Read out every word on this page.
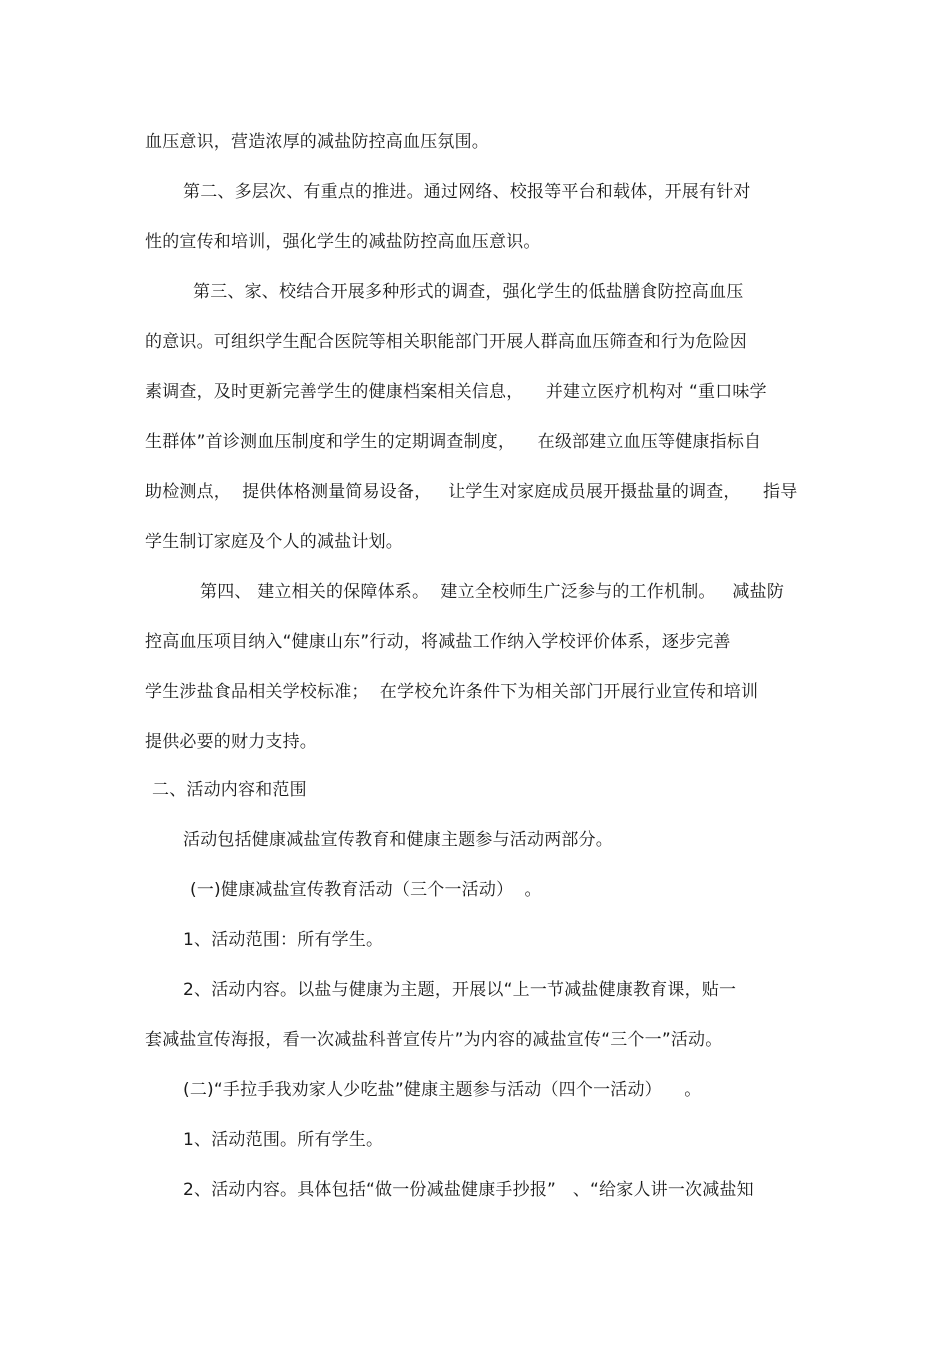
血压意识，营造浓厚的减盐防控高血压氛围。
第二、多层次、有重点的推进。通过网络、校报等平台和载体，开展有针对
性的宣传和培训，强化学生的减盐防控高血压意识。
第三、家、校结合开展多种形式的调查，强化学生的低盐膳食防控高血压
的意识。可组织学生配合医院等相关职能部门开展人群高血压筛查和行为危险因
素调查，及时更新完善学生的健康档案相关信息，    并建立医疗机构对 “重口味学
生群体”首诊测血压制度和学生的定期调查制度，    在级部建立血压等健康指标自
助检测点，  提供体格测量简易设备，   让学生对家庭成员展开摄盐量的调查，    指导
学生制订家庭及个人的减盐计划。
第四、 建立相关的保障体系。  建立全校师生广泛参与的工作机制。   减盐防
控高血压项目纳入“健康山东”行动，将减盐工作纳入学校评价体系，逐步完善
学生涉盐食品相关学校标准；  在学校允许条件下为相关部门开展行业宣传和培训
提供必要的财力支持。
二、活动内容和范围
活动包括健康减盐宣传教育和健康主题参与活动两部分。
(一)健康减盐宣传教育活动（三个一活动）  。
1、活动范围：所有学生。
2、活动内容。以盐与健康为主题，开展以“上一节减盐健康教育课，贴一
套减盐宣传海报，看一次减盐科普宣传片”为内容的减盐宣传“三个一”活动。
(二)“手拉手我劝家人少吃盐”健康主题参与活动（四个一活动）    。
1、活动范围。所有学生。
2、活动内容。具体包括“做一份减盐健康手抄报”   、“给家人讲一次减盐知
